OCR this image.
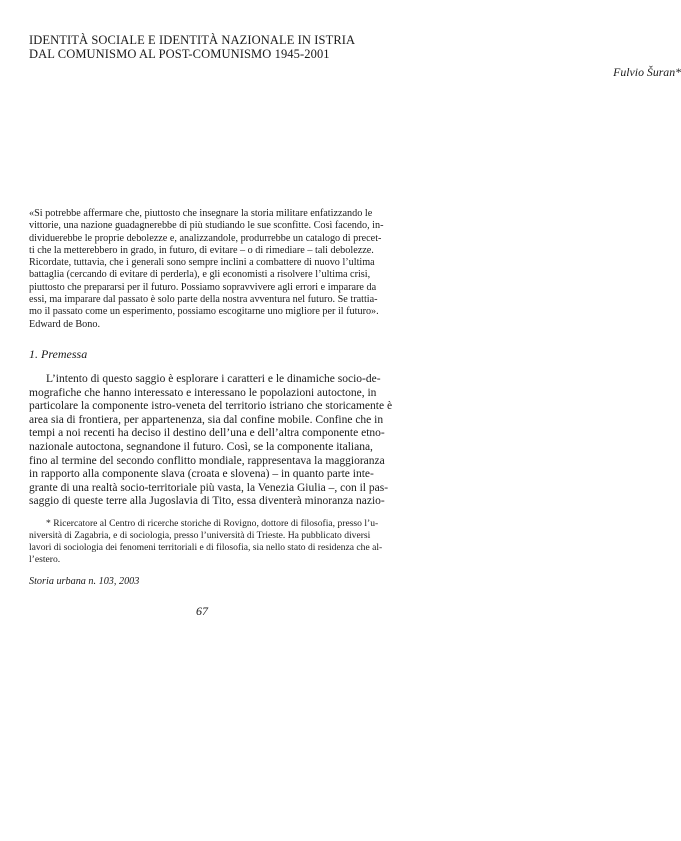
IDENTITÀ SOCIALE E IDENTITÀ NAZIONALE IN ISTRIA
DAL COMUNISMO AL POST-COMUNISMO 1945-2001
Fulvio Šuran*
«Si potrebbe affermare che, piuttosto che insegnare la storia militare enfatizzando le
vittorie, una nazione guadagnerebbe di più studiando le sue sconfitte. Così facendo, in-
dividuerebbe le proprie debolezze e, analizzandole, produrrebbe un catalogo di precet-
ti che la metterebbero in grado, in futuro, di evitare – o di rimediare – tali debolezze.
Ricordate, tuttavia, che i generali sono sempre inclini a combattere di nuovo l’ultima
battaglia (cercando di evitare di perderla), e gli economisti a risolvere l’ultima crisi,
piuttosto che prepararsi per il futuro. Possiamo sopravvivere agli errori e imparare da
essi, ma imparare dal passato è solo parte della nostra avventura nel futuro. Se trattia-
mo il passato come un esperimento, possiamo escogitarne uno migliore per il futuro».
Edward de Bono.
1. Premessa
L’intento di questo saggio è esplorare i caratteri e le dinamiche socio-de-
mografiche che hanno interessato e interessano le popolazioni autoctone, in
particolare la componente istro-veneta del territorio istriano che storicamente è
area sia di frontiera, per appartenenza, sia dal confine mobile. Confine che in
tempi a noi recenti ha deciso il destino dell’una e dell’altra componente etno-
nazionale autoctona, segnandone il futuro. Così, se la componente italiana,
fino al termine del secondo conflitto mondiale, rappresentava la maggioranza
in rapporto alla componente slava (croata e slovena) – in quanto parte inte-
grante di una realtà socio-territoriale più vasta, la Venezia Giulia –, con il pas-
saggio di queste terre alla Jugoslavia di Tito, essa diventerà minoranza nazio-
* Ricercatore al Centro di ricerche storiche di Rovigno, dottore di filosofia, presso l’u-
niversità di Zagabria, e di sociologia, presso l’università di Trieste. Ha pubblicato diversi
lavori di sociologia dei fenomeni territoriali e di filosofia, sia nello stato di residenza che al-
l’estero.
Storia urbana n. 103, 2003
67
